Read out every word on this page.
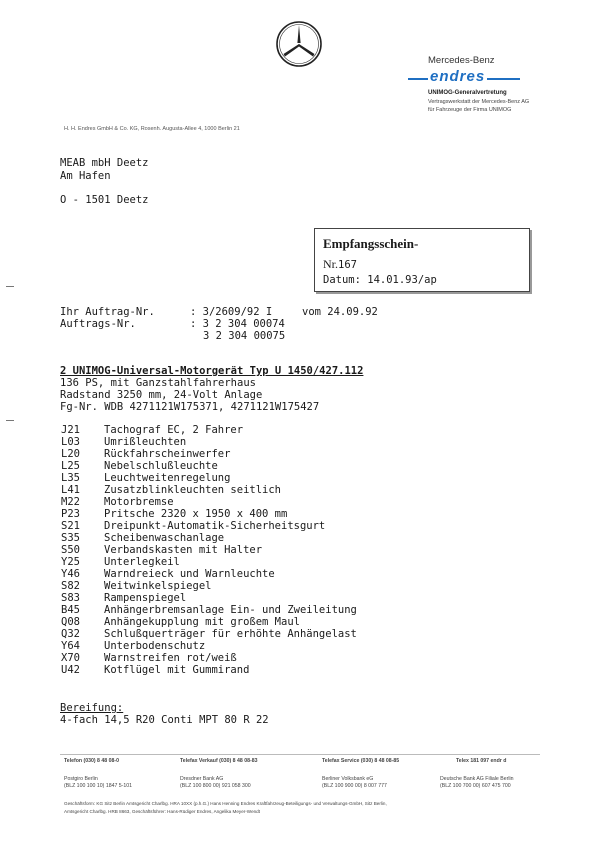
Mercedes-Benz
endres
UNIMOG-Generalvertretung
Vertragswerkstatt der Mercedes-Benz AG
für Fahrzeuge der Firma UNIMOG
H. H. Endres GmbH & Co. KG, Rosenh. Augusta-Allee 4, 1000 Berlin 21
MEAB mbH Deetz
Am Hafen
O - 1501 Deetz
Empfangsschein-
Nr.167
Datum: 14.01.93/ap
Ihr Auftrag-Nr.	: 3/2609/92 I	vom 24.09.92
Auftrags-Nr.	: 3 2 304 00074
3 2 304 00075
2 UNIMOG-Universal-Motorgerät Typ U 1450/427.112
136 PS, mit Ganzstahlfahrerhaus
Radstand 3250 mm, 24-Volt Anlage
Fg-Nr. WDB 4271121W175371, 4271121W175427
J21	Tachograf EC, 2 Fahrer
L03	Umrißleuchten
L20	Rückfahrscheinwerfer
L25	Nebelschlußleuchte
L35	Leuchtweitenregelung
L41	Zusatzblinkleuchten seitlich
M22	Motorbremse
P23	Pritsche 2320 x 1950 x 400 mm
S21	Dreipunkt-Automatik-Sicherheitsgurt
S35	Scheibenwaschanlage
S50	Verbandskasten mit Halter
Y25	Unterlegkeil
Y46	Warndreieck und Warnleuchte
S82	Weitwinkelspiegel
S83	Rampenspiegel
B45	Anhängerbremsanlage Ein- und Zweileitung
Q08	Anhängekupplung mit großem Maul
Q32	Schlußquerträger für erhöhte Anhängelast
Y64	Unterbodenschutz
X70	Warnstreifen rot/weiß
U42	Kotflügel mit Gummirand
Bereifung:
4-fach 14,5 R20 Conti MPT 80 R 22
Telefon (030) 8 48 08-0	Telefax Verkauf (030) 8 48 08-83	Telefax Service (030) 8 48 08-85	Telex 181 097 endr d
Postgiro Berlin
(BLZ 100 100 10) 1847 5-101
Dresdner Bank AG
(BLZ 100 800 00) 921 058 300
Berliner Volksbank eG
(BLZ 100 900 00) 8 007 777
Deutsche Bank AG Filiale Berlin
(BLZ 100 700 00) 607 475 700
Geschäftsform: KG Sitz Berlin Amtsgericht Charlbg. HRA 10XX (p.h.G.) Hans Henning Endres Kraftfahrzeug-Beteiligungs- und Verwaltungs-GmbH, Sitz Berlin,
Amtsgericht Charlbg. HRB 8663, Geschäftsführer: Hans-Rüdiger Endres, Angelika Meyer-Wendt
